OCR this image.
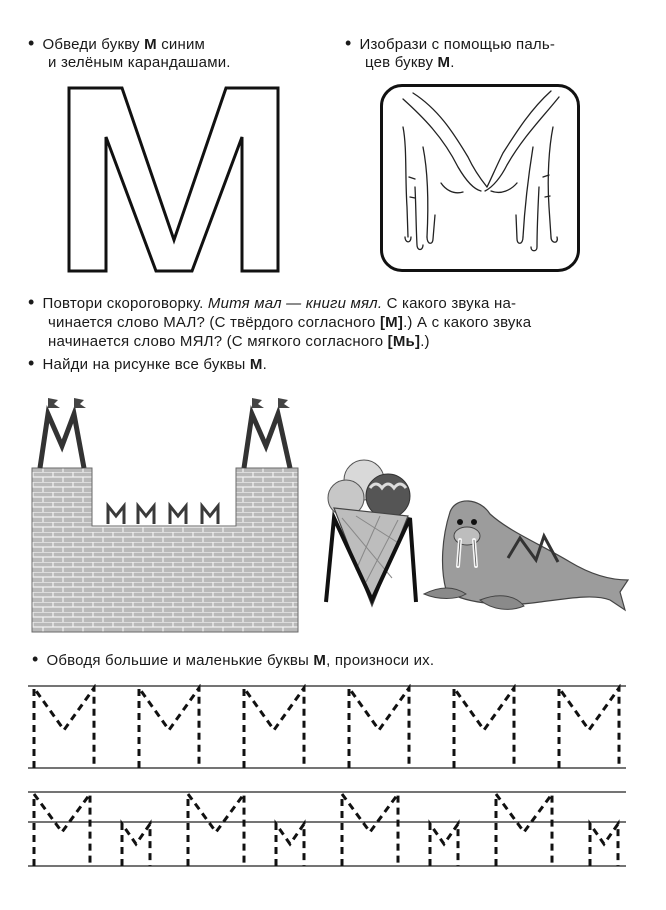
• Обведи букву М синим
и зелёным карандашами.
• Изобрази с помощью паль-
цев букву М.
• Повтори скороговорку. Митя мал — книги мял. С какого звука на-
чинается слово МАЛ? (С твёрдого согласного [М].) А с какого звука
начинается слово МЯЛ? (С мягкого согласного [Мь].)
• Найди на рисунке все буквы М.
• Обводя большие и маленькие буквы М, произноси их.
